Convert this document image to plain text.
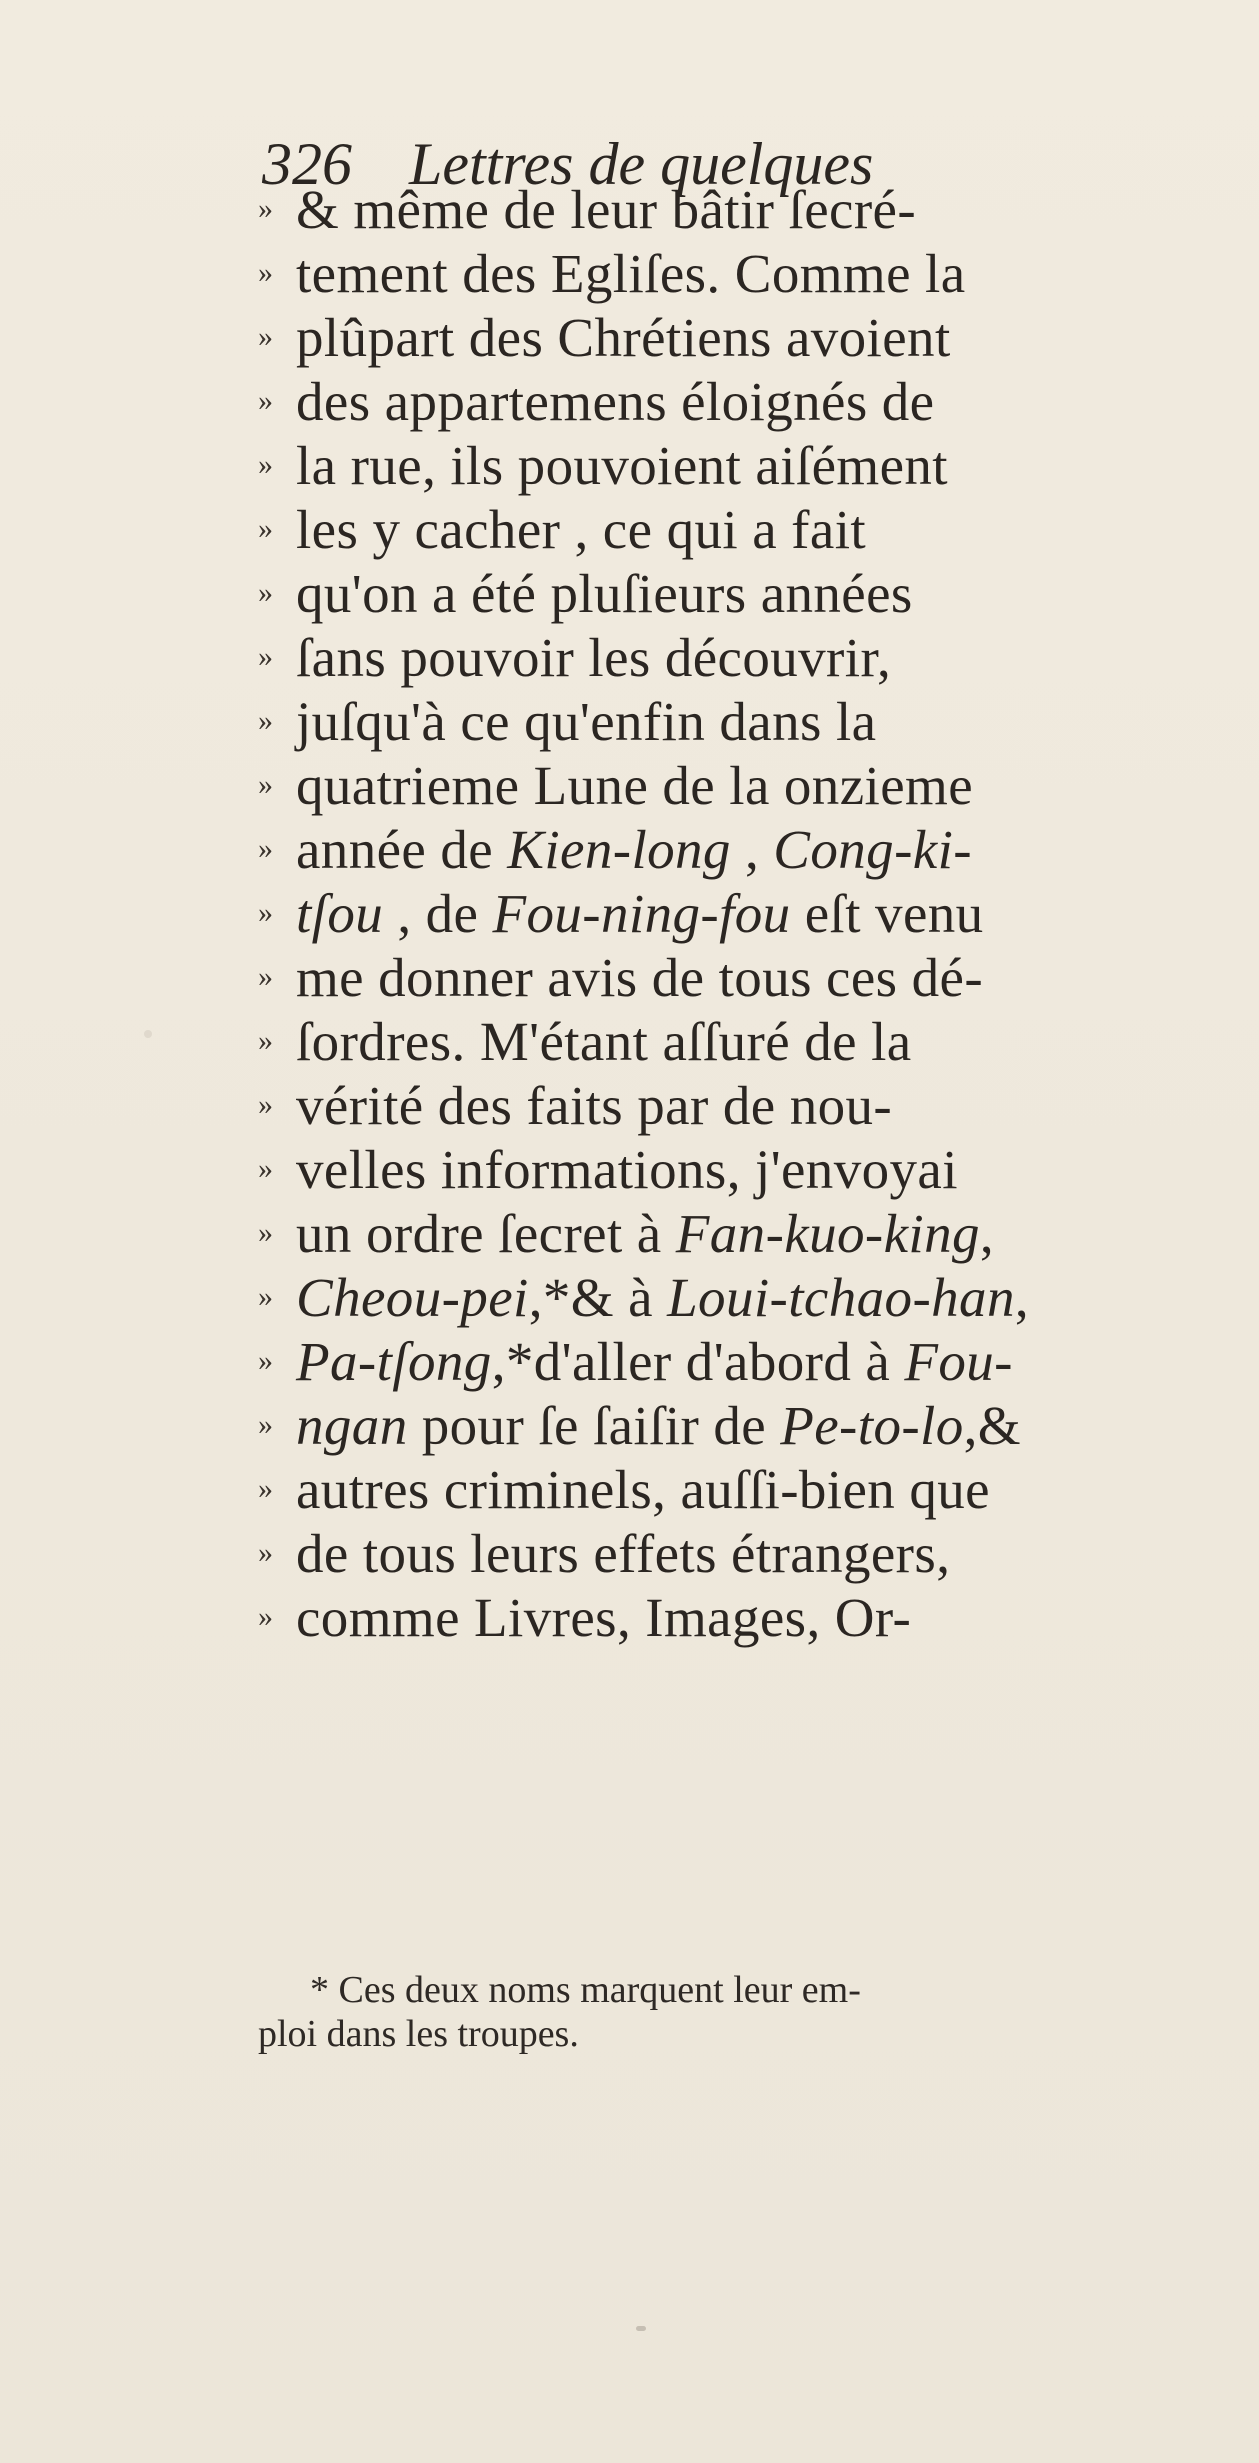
326 Lettres de quelques
» & même de leur bâtir ſecré-
» tement des Egliſes. Comme la
» plûpart des Chrétiens avoient
» des appartemens éloignés de
» la rue, ils pouvoient aiſément
» les y cacher , ce qui a fait
» qu'on a été pluſieurs années
» ſans pouvoir les découvrir,
» juſqu'à ce qu'enfin dans la
» quatrieme Lune de la onzieme
» année de Kien-long , Cong-ki-
» tſou , de Fou-ning-fou eſt venu
» me donner avis de tous ces dé-
» ſordres. M'étant aſſuré de la
» vérité des faits par de nou-
» velles informations, j'envoyai
» un ordre ſecret à Fan-kuo-king,
» Cheou-pei,*& à Loui-tchao-han,
» Pa-tſong,*d'aller d'abord à Fou-
» ngan pour ſe ſaiſir de Pe-to-lo,&
» autres criminels, auſſi-bien que
» de tous leurs effets étrangers,
» comme Livres, Images, Or-
* Ces deux noms marquent leur em-
ploi dans les troupes.
